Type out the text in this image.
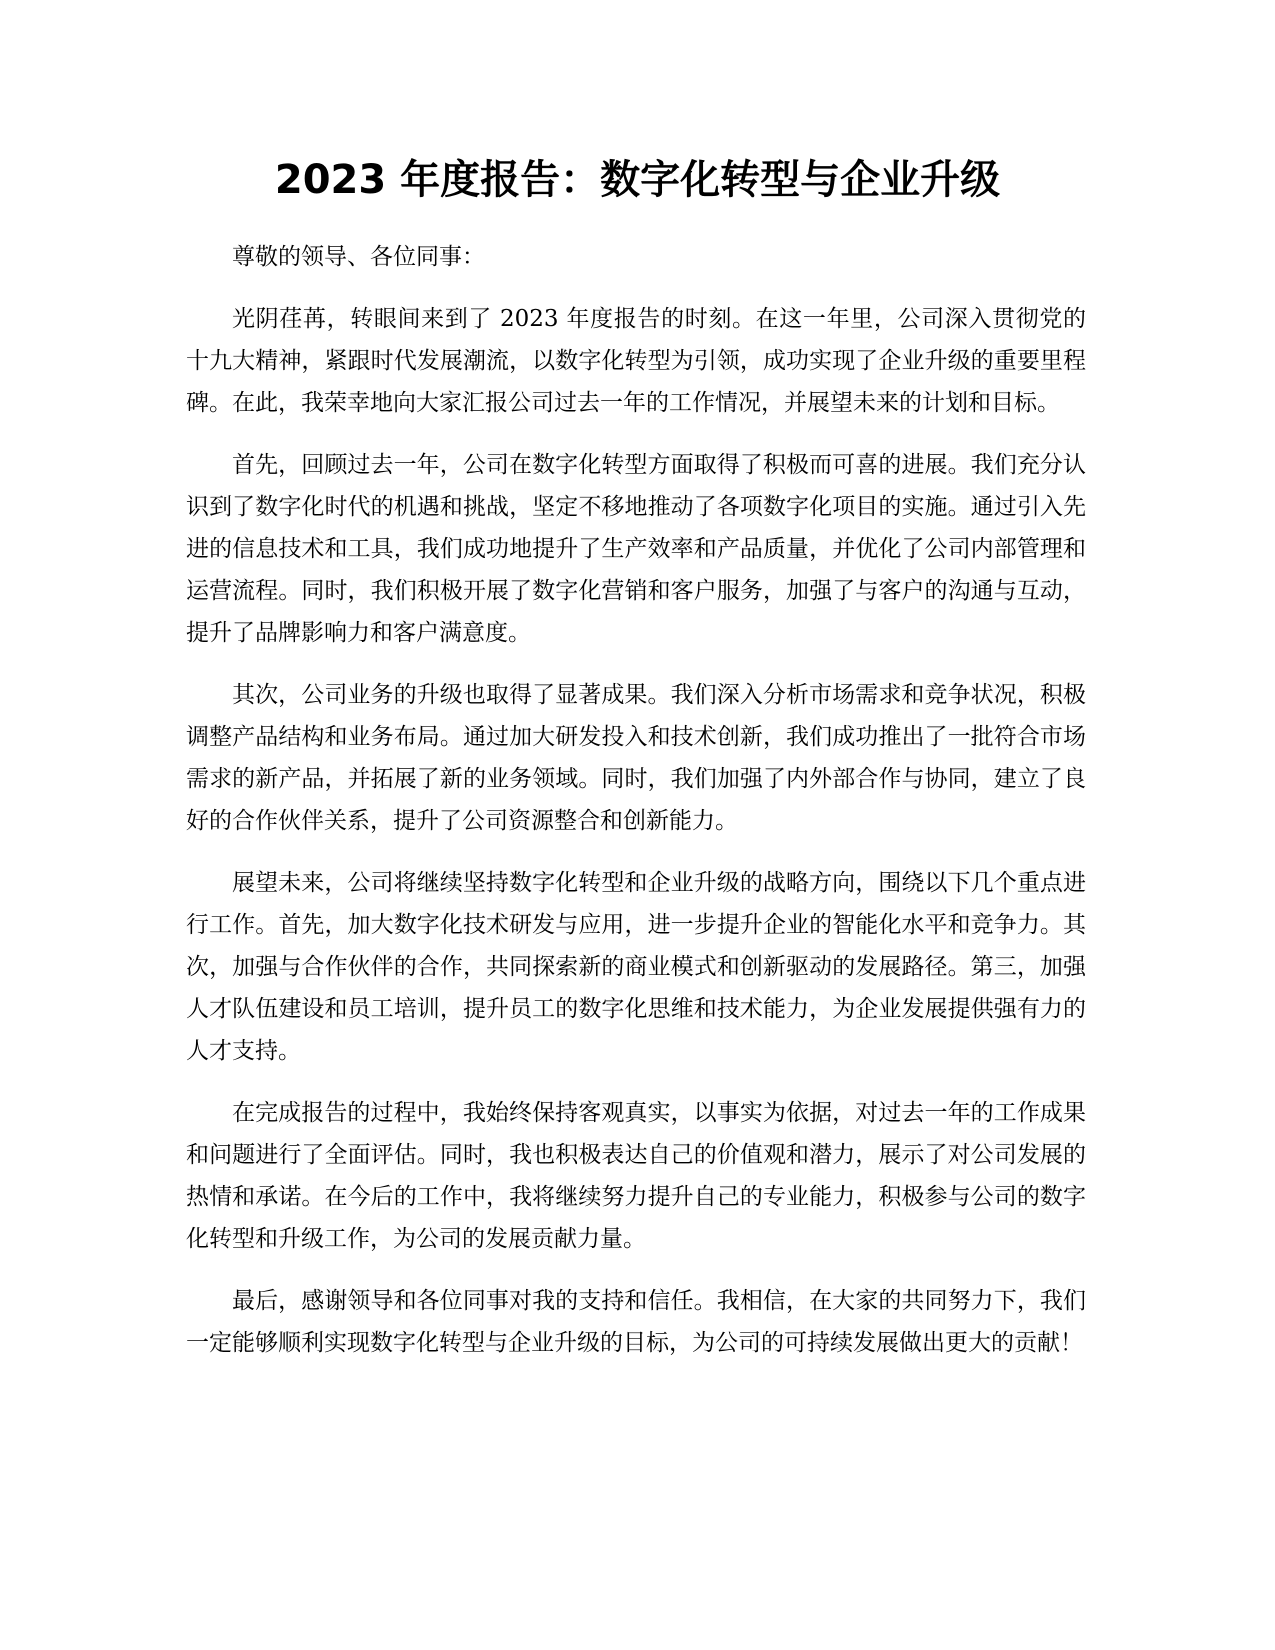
2023 年度报告：数字化转型与企业升级

尊敬的领导、各位同事：

光阴荏苒，转眼间来到了 2023 年度报告的时刻。在这一年里，公司深入贯彻党的十九大精神，紧跟时代发展潮流，以数字化转型为引领，成功实现了企业升级的重要里程碑。在此，我荣幸地向大家汇报公司过去一年的工作情况，并展望未来的计划和目标。

首先，回顾过去一年，公司在数字化转型方面取得了积极而可喜的进展。我们充分认识到了数字化时代的机遇和挑战，坚定不移地推动了各项数字化项目的实施。通过引入先进的信息技术和工具，我们成功地提升了生产效率和产品质量，并优化了公司内部管理和运营流程。同时，我们积极开展了数字化营销和客户服务，加强了与客户的沟通与互动，提升了品牌影响力和客户满意度。

其次，公司业务的升级也取得了显著成果。我们深入分析市场需求和竞争状况，积极调整产品结构和业务布局。通过加大研发投入和技术创新，我们成功推出了一批符合市场需求的新产品，并拓展了新的业务领域。同时，我们加强了内外部合作与协同，建立了良好的合作伙伴关系，提升了公司资源整合和创新能力。

展望未来，公司将继续坚持数字化转型和企业升级的战略方向，围绕以下几个重点进行工作。首先，加大数字化技术研发与应用，进一步提升企业的智能化水平和竞争力。其次，加强与合作伙伴的合作，共同探索新的商业模式和创新驱动的发展路径。第三，加强人才队伍建设和员工培训，提升员工的数字化思维和技术能力，为企业发展提供强有力的人才支持。

在完成报告的过程中，我始终保持客观真实，以事实为依据，对过去一年的工作成果和问题进行了全面评估。同时，我也积极表达自己的价值观和潜力，展示了对公司发展的热情和承诺。在今后的工作中，我将继续努力提升自己的专业能力，积极参与公司的数字化转型和升级工作，为公司的发展贡献力量。

最后，感谢领导和各位同事对我的支持和信任。我相信，在大家的共同努力下，我们一定能够顺利实现数字化转型与企业升级的目标，为公司的可持续发展做出更大的贡献！
